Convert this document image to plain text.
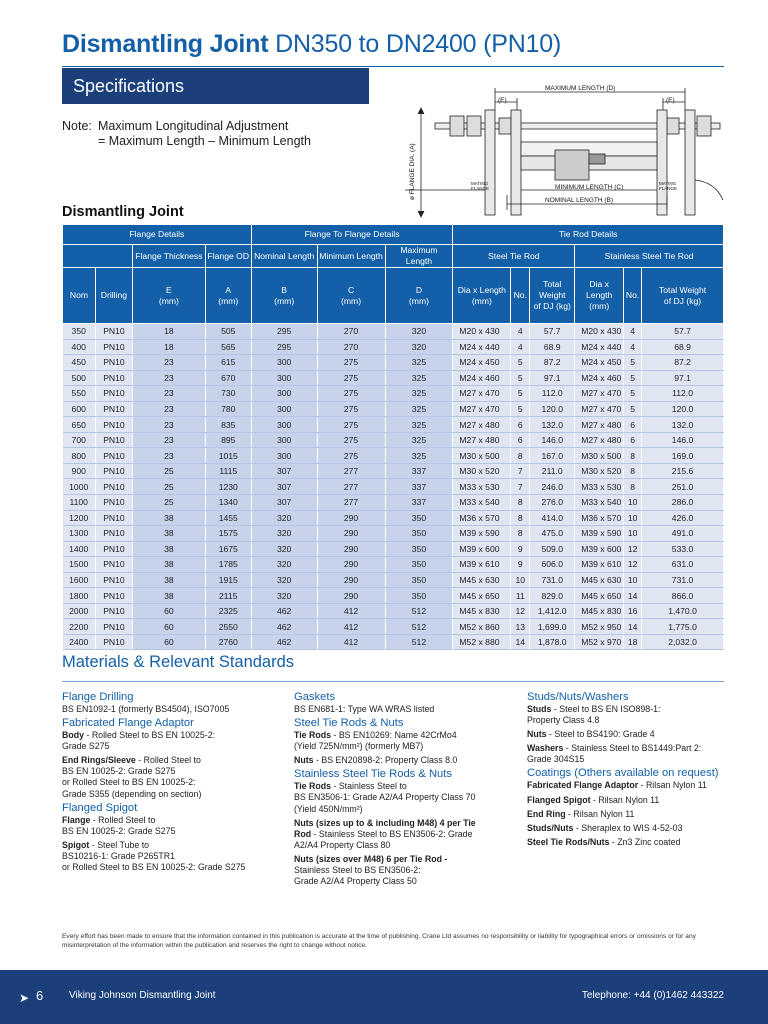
Dismantling Joint DN350 to DN2400 (PN10)
Specifications
Note: Maximum Longitudinal Adjustment
= Maximum Length – Minimum Length
MAXIMUM LENGTH (D)
(E)	(E)
MINIMUM LENGTH (C)
NOMINAL LENGTH (B)
MATING
FLANGE
MATING
FLANGE
ø FLANGE DIA. (A)
Dismantling Joint
Flange Details				Flange To Flange Details			Tie Rod Details					
		Flange Thickness	Flange OD	Nominal Length	Minimum Length	Maximum Length	Steel Tie Rod			Stainless Steel Tie Rod		
Nom	Drilling	E
(mm)	A
(mm)	B
(mm)	C
(mm)	D
(mm)	Dia x Length
(mm)	No.	Total Weight
of DJ (kg)	Dia x Length
(mm)	No.	Total Weight
of DJ (kg)
350	PN10	18	505	295	270	320	M20 x 430	4	57.7	M20 x 430	4	57.7
400	PN10	18	565	295	270	320	M24 x 440	4	68.9	M24 x 440	4	68.9
450	PN10	23	615	300	275	325	M24 x 450	5	87.2	M24 x 450	5	87.2
500	PN10	23	670	300	275	325	M24 x 460	5	97.1	M24 x 460	5	97.1
550	PN10	23	730	300	275	325	M27 x 470	5	112.0	M27 x 470	5	112.0
600	PN10	23	780	300	275	325	M27 x 470	5	120.0	M27 x 470	5	120.0
650	PN10	23	835	300	275	325	M27 x 480	6	132.0	M27 x 480	6	132.0
700	PN10	23	895	300	275	325	M27 x 480	6	146.0	M27 x 480	6	146.0
800	PN10	23	1015	300	275	325	M30 x 500	8	167.0	M30 x 500	8	169.0
900	PN10	25	1115	307	277	337	M30 x 520	7	211.0	M30 x 520	8	215.6
1000	PN10	25	1230	307	277	337	M33 x 530	7	246.0	M33 x 530	8	251.0
1100	PN10	25	1340	307	277	337	M33 x 540	8	276.0	M33 x 540	10	286.0
1200	PN10	38	1455	320	290	350	M36 x 570	8	414.0	M36 x 570	10	426.0
1300	PN10	38	1575	320	290	350	M39 x 590	8	475.0	M39 x 590	10	491.0
1400	PN10	38	1675	320	290	350	M39 x 600	9	509.0	M39 x 600	12	533.0
1500	PN10	38	1785	320	290	350	M39 x 610	9	606.0	M39 x 610	12	631.0
1600	PN10	38	1915	320	290	350	M45 x 630	10	731.0	M45 x 630	10	731.0
1800	PN10	38	2115	320	290	350	M45 x 650	11	829.0	M45 x 650	14	866.0
2000	PN10	60	2325	462	412	512	M45 x 830	12	1,412.0	M45 x 830	16	1,470.0
2200	PN10	60	2550	462	412	512	M52 x 860	13	1,699.0	M52 x 950	14	1,775.0
2400	PN10	60	2760	462	412	512	M52 x 880	14	1,878.0	M52 x 970	18	2,032.0
Materials & Relevant Standards
Flange Drilling

BS EN1092-1 (formerly BS4504), ISO7005

Fabricated Flange Adaptor

Body - Rolled Steel to BS EN 10025-2:

Grade S275

End Rings/Sleeve - Rolled Steel to

BS EN 10025-2: Grade S275

or Rolled Steel to BS EN 10025-2:

Grade S355 (depending on section)

Flanged Spigot

Flange - Rolled Steel to

BS EN 10025-2: Grade S275

Spigot - Steel Tube to

BS10216-1: Grade P265TR1

or Rolled Steel to BS EN 10025-2: Grade S275

Gaskets

BS EN681-1: Type WA WRAS listed

Steel Tie Rods & Nuts

Tie Rods - BS EN10269: Name 42CrMo4

(Yield 725N/mm²) (formerly MB7)

Nuts - BS EN20898-2: Property Class 8.0

Stainless Steel Tie Rods & Nuts

Tie Rods - Stainless Steel to

BS EN3506-1: Grade A2/A4 Property Class 70

(Yield 450N/mm²)

Nuts (sizes up to & including M48) 4 per Tie

Rod - Stainless Steel to BS EN3506-2: Grade

A2/A4 Property Class 80

Nuts (sizes over M48) 6 per Tie Rod -

Stainless Steel to BS EN3506-2:

Grade A2/A4 Property Class 50

Studs/Nuts/Washers

Studs - Steel to BS EN ISO898-1:

Property Class 4.8

Nuts - Steel to BS4190: Grade 4

Washers - Stainless Steel to BS1449:Part 2:

Grade 304S15

Coatings (Others available on request)

Fabricated Flange Adaptor - Rilsan Nylon 11

Flanged Spigot - Rilsan Nylon 11

End Ring - Rilsan Nylon 11

Studs/Nuts - Sheraplex to WIS 4-52-03

Steel Tie Rods/Nuts - Zn3 Zinc coated

Every effort has been made to ensure that the information contained in this publication is accurate at the time of publishing. Crane Ltd assumes no responsibility or liability for typographical errors or omissions or for any misinterpretation of the information within the publication and reserves the right to change without notice.
➤ 6	Viking Johnson Dismantling Joint	Telephone: +44 (0)1462 443322
